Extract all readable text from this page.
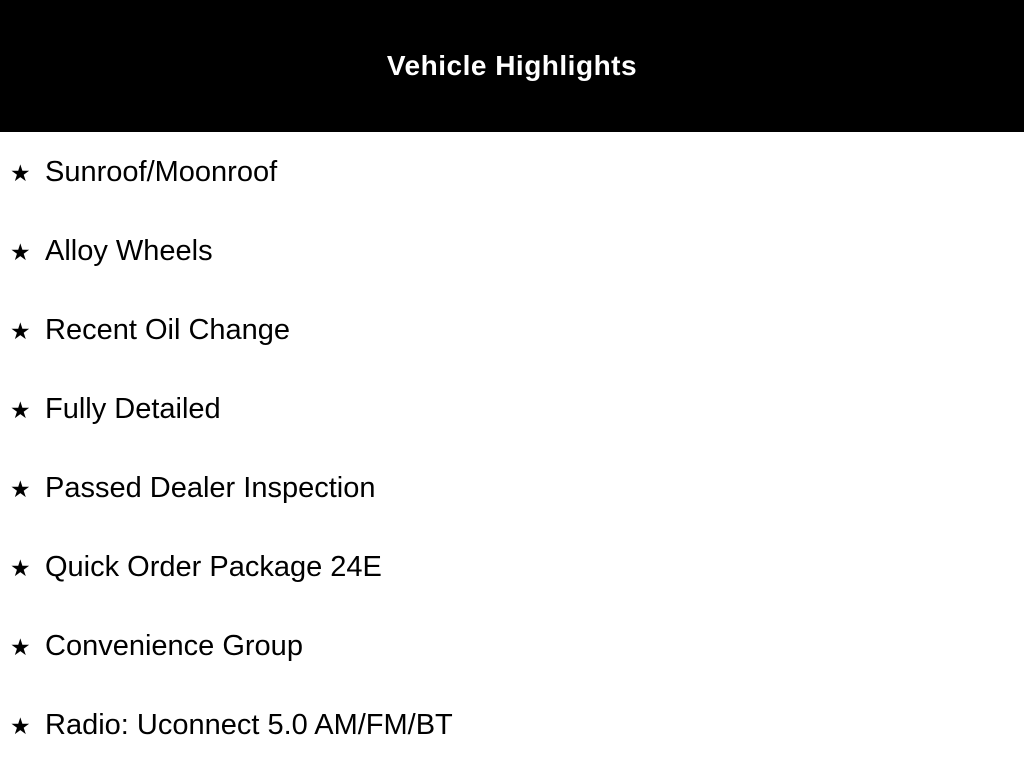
Vehicle Highlights
★ Sunroof/Moonroof
★ Alloy Wheels
★ Recent Oil Change
★ Fully Detailed
★ Passed Dealer Inspection
★ Quick Order Package 24E
★ Convenience Group
★ Radio: Uconnect 5.0 AM/FM/BT
